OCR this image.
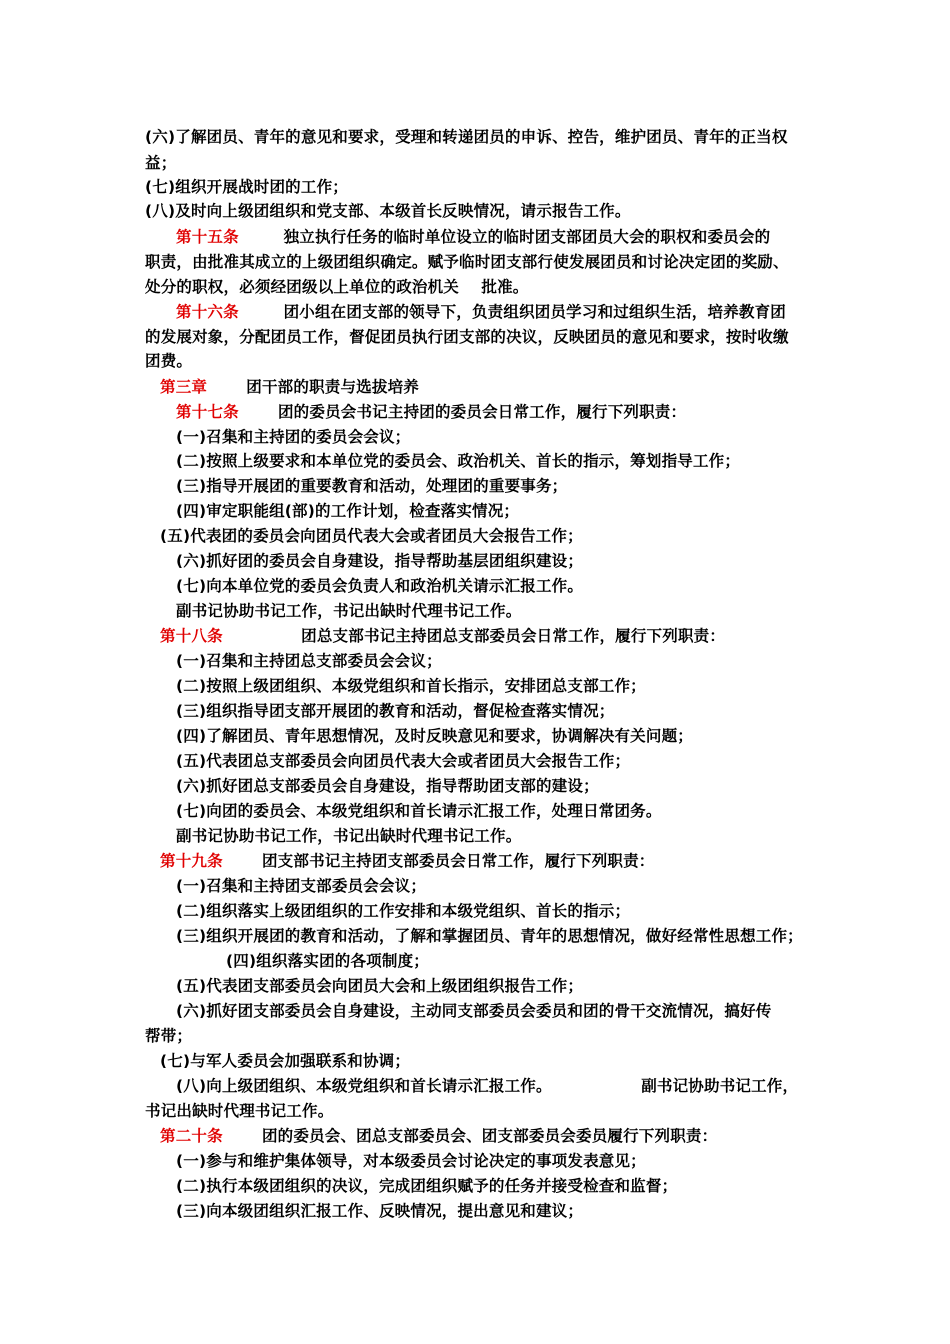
(六)了解团员、青年的意见和要求，受理和转递团员的申诉、控告，维护团员、青年的正当权
益；
(七)组织开展战时团的工作；
(八)及时向上级团组织和党支部、本级首长反映情况，请示报告工作。
第十五条        独立执行任务的临时单位设立的临时团支部团员大会的职权和委员会的
职责，由批准其成立的上级团组织确定。赋予临时团支部行使发展团员和讨论决定团的奖励、
处分的职权，必须经团级以上单位的政治机关    批准。
第十六条        团小组在团支部的领导下，负责组织团员学习和过组织生活，培养教育团
的发展对象，分配团员工作，督促团员执行团支部的决议，反映团员的意见和要求，按时收缴
团费。
第三章       团干部的职责与选拔培养
第十七条       团的委员会书记主持团的委员会日常工作，履行下列职责：
(一)召集和主持团的委员会会议；
(二)按照上级要求和本单位党的委员会、政治机关、首长的指示，筹划指导工作；
(三)指导开展团的重要教育和活动，处理团的重要事务；
(四)审定职能组(部)的工作计划，检查落实情况；
(五)代表团的委员会向团员代表大会或者团员大会报告工作；
(六)抓好团的委员会自身建设，指导帮助基层团组织建设；
(七)向本单位党的委员会负责人和政治机关请示汇报工作。
副书记协助书记工作，书记出缺时代理书记工作。
第十八条              团总支部书记主持团总支部委员会日常工作，履行下列职责：
(一)召集和主持团总支部委员会会议；
(二)按照上级团组织、本级党组织和首长指示，安排团总支部工作；
(三)组织指导团支部开展团的教育和活动，督促检查落实情况；
(四)了解团员、青年思想情况，及时反映意见和要求，协调解决有关问题；
(五)代表团总支部委员会向团员代表大会或者团员大会报告工作；
(六)抓好团总支部委员会自身建设，指导帮助团支部的建设；
(七)向团的委员会、本级党组织和首长请示汇报工作，处理日常团务。
副书记协助书记工作，书记出缺时代理书记工作。
第十九条       团支部书记主持团支部委员会日常工作，履行下列职责：
(一)召集和主持团支部委员会会议；
(二)组织落实上级团组织的工作安排和本级党组织、首长的指示；
(三)组织开展团的教育和活动，了解和掌握团员、青年的思想情况，做好经常性思想工作；
(四)组织落实团的各项制度；
(五)代表团支部委员会向团员大会和上级团组织报告工作；
(六)抓好团支部委员会自身建设，主动同支部委员会委员和团的骨干交流情况，搞好传
帮带；
(七)与军人委员会加强联系和协调；
(八)向上级团组织、本级党组织和首长请示汇报工作。                副书记协助书记工作，
书记出缺时代理书记工作。
第二十条       团的委员会、团总支部委员会、团支部委员会委员履行下列职责：
(一)参与和维护集体领导，对本级委员会讨论决定的事项发表意见；
(二)执行本级团组织的决议，完成团组织赋予的任务并接受检查和监督；
(三)向本级团组织汇报工作、反映情况，提出意见和建议；
